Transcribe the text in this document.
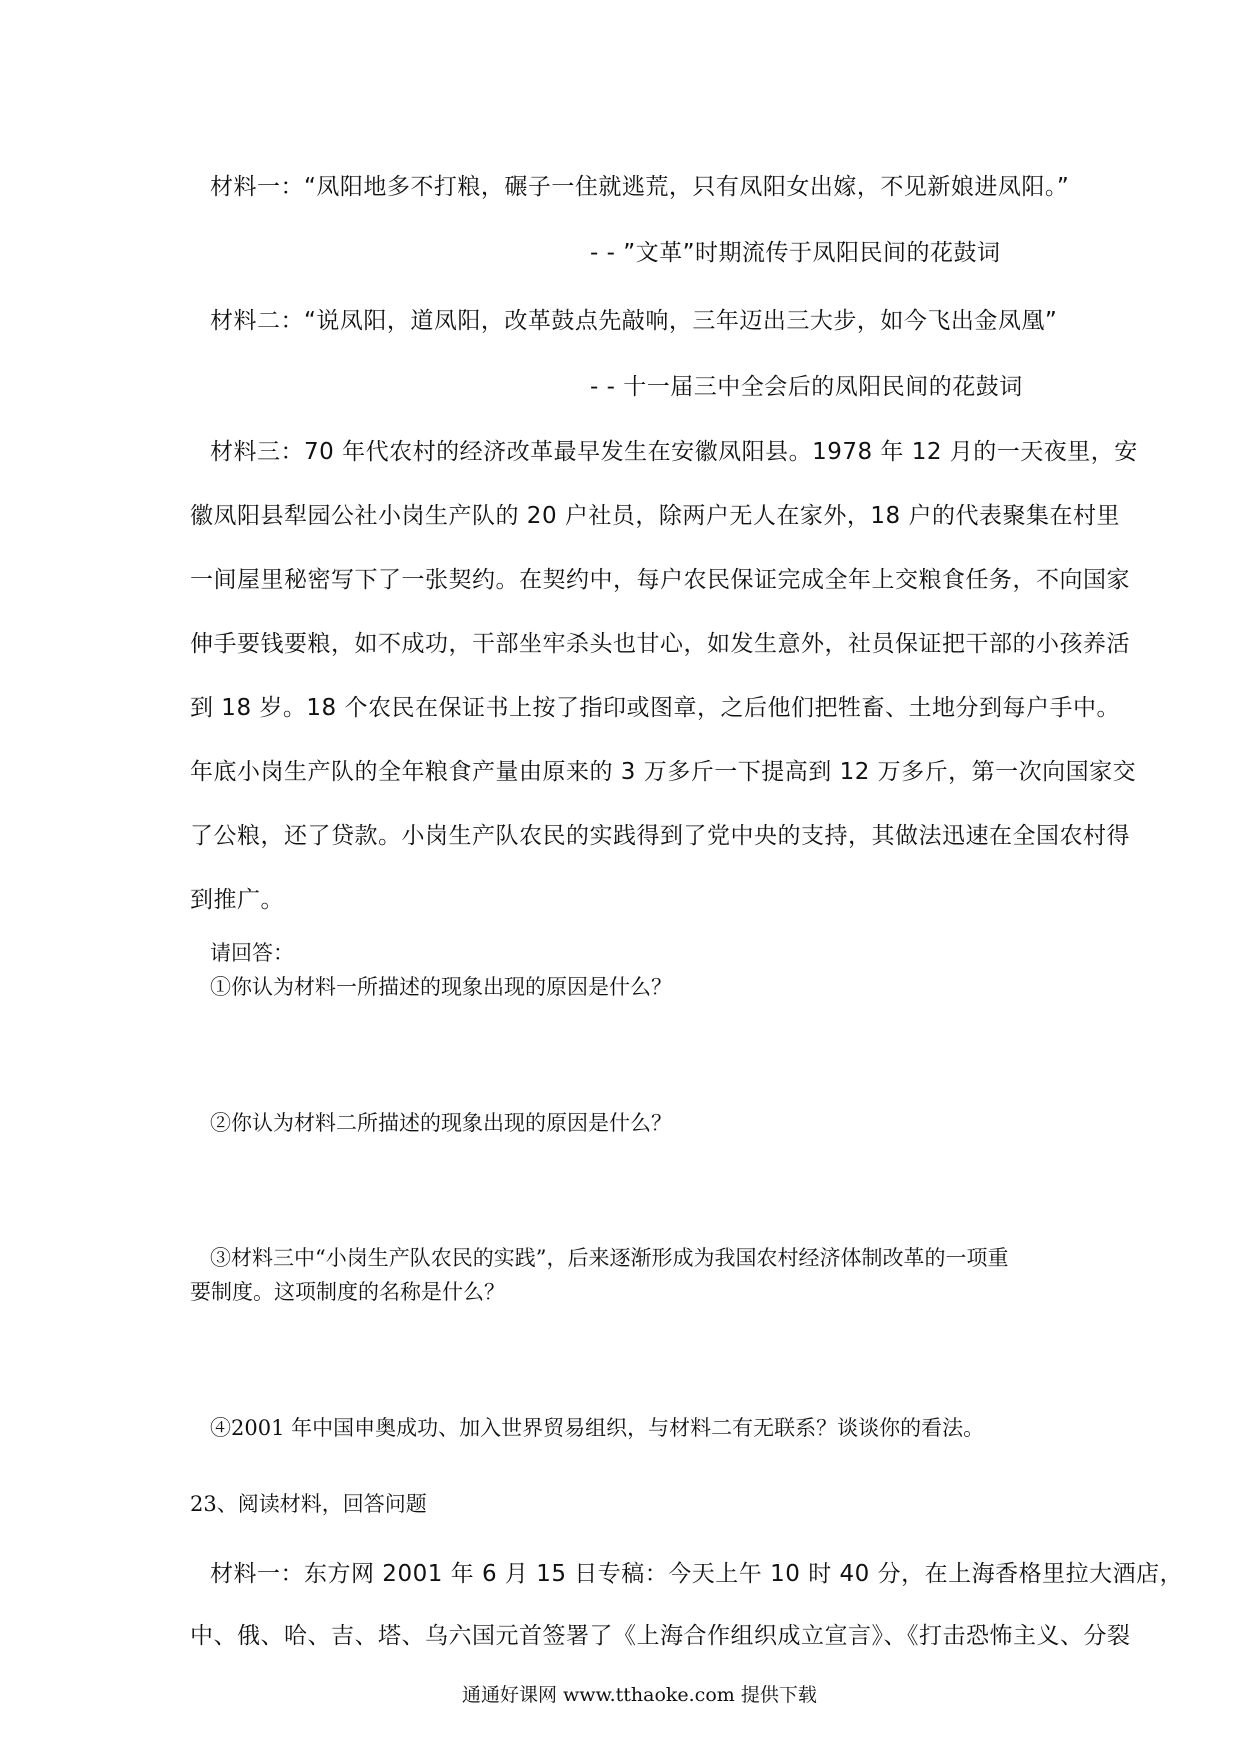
材料一：“凤阳地多不打粮，碾子一住就逃荒，只有凤阳女出嫁，不见新娘进凤阳。”

- - ”文革”时期流传于凤阳民间的花鼓词

材料二：“说凤阳，道凤阳，改革鼓点先敲响，三年迈出三大步，如今飞出金凤凰”

- - 十一届三中全会后的凤阳民间的花鼓词

材料三：70 年代农村的经济改革最早发生在安徽凤阳县。1978 年 12 月的一天夜里，安

徽凤阳县犁园公社小岗生产队的 20 户社员，除两户无人在家外，18 户的代表聚集在村里

一间屋里秘密写下了一张契约。在契约中，每户农民保证完成全年上交粮食任务，不向国家

伸手要钱要粮，如不成功，干部坐牢杀头也甘心，如发生意外，社员保证把干部的小孩养活

到 18 岁。18 个农民在保证书上按了指印或图章，之后他们把牲畜、土地分到每户手中。

年底小岗生产队的全年粮食产量由原来的 3 万多斤一下提高到 12 万多斤，第一次向国家交

了公粮，还了贷款。小岗生产队农民的实践得到了党中央的支持，其做法迅速在全国农村得

到推广。

请回答：

①你认为材料一所描述的现象出现的原因是什么？

②你认为材料二所描述的现象出现的原因是什么？

③材料三中“小岗生产队农民的实践”，后来逐渐形成为我国农村经济体制改革的一项重

要制度。这项制度的名称是什么？

④2001 年中国申奥成功、加入世界贸易组织，与材料二有无联系？谈谈你的看法。

23、阅读材料，回答问题

材料一：东方网 2001 年 6 月 15 日专稿：今天上午 10 时 40 分，在上海香格里拉大酒店，

中、俄、哈、吉、塔、乌六国元首签署了《上海合作组织成立宣言》、《打击恐怖主义、分裂

通通好课网 www.tthaoke.com 提供下载
